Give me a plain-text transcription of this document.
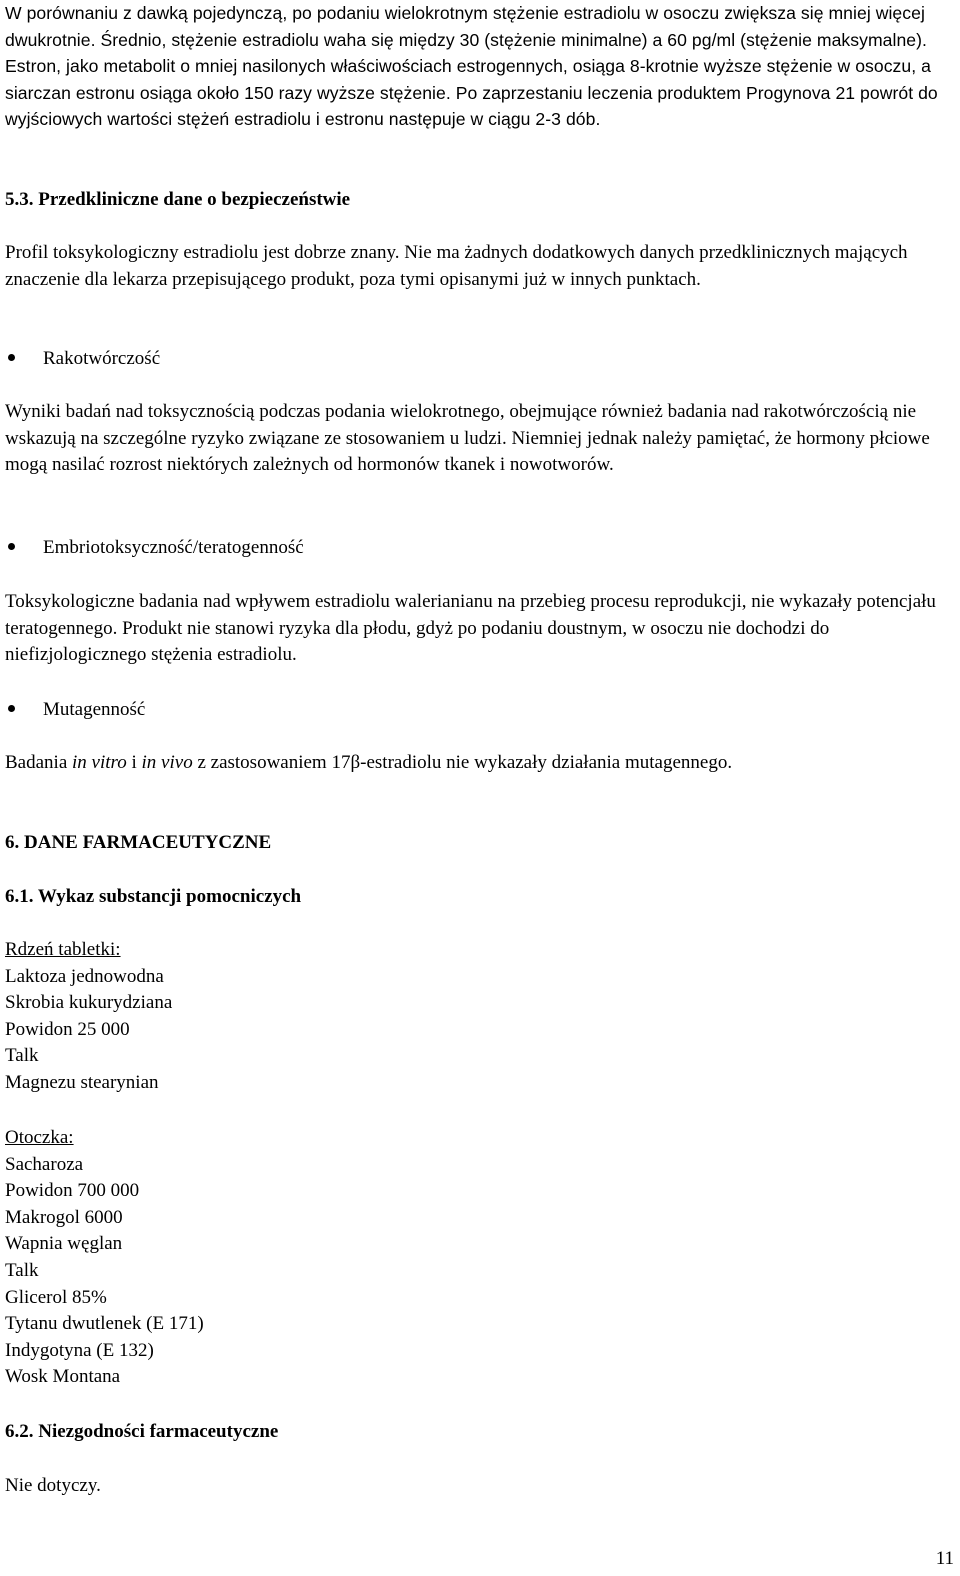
W porównaniu z dawką pojedynczą, po podaniu wielokrotnym stężenie estradiolu w osoczu zwiększa się mniej więcej dwukrotnie. Średnio, stężenie estradiolu waha się między 30 (stężenie minimalne) a 60 pg/ml (stężenie maksymalne). Estron, jako metabolit o mniej nasilonych właściwościach estrogennych, osiąga 8-krotnie wyższe stężenie w osoczu, a siarczan estronu osiąga około 150 razy wyższe stężenie. Po zaprzestaniu leczenia produktem Progynova 21 powrót do wyjściowych wartości stężeń estradiolu i estronu następuje w ciągu 2-3 dób.

5.3. Przedkliniczne dane o bezpieczeństwie

Profil toksykologiczny estradiolu jest dobrze znany. Nie ma żadnych dodatkowych danych przedklinicznych mających znaczenie dla lekarza przepisującego produkt, poza tymi opisanymi już w innych punktach.

Rakotwórczość

Wyniki badań nad toksycznością podczas podania wielokrotnego, obejmujące również badania nad rakotwórczością nie wskazują na szczególne ryzyko związane ze stosowaniem u ludzi. Niemniej jednak należy pamiętać, że hormony płciowe mogą nasilać rozrost niektórych zależnych od hormonów tkanek i nowotworów.

Embriotoksyczność/teratogenność

Toksykologiczne badania nad wpływem estradiolu walerianianu na przebieg procesu reprodukcji, nie wykazały potencjału teratogennego. Produkt nie stanowi ryzyka dla płodu, gdyż po podaniu doustnym, w osoczu nie dochodzi do niefizjologicznego stężenia estradiolu.

Mutagenność

Badania in vitro i in vivo z zastosowaniem 17β-estradiolu nie wykazały działania mutagennego.

6. DANE FARMACEUTYCZNE
6.1. Wykaz substancji pomocniczych
Rdzeń tabletki:
Laktoza jednowodna
Skrobia kukurydziana
Powidon 25 000
Talk
Magnezu stearynian
Otoczka:
Sacharoza
Powidon 700 000
Makrogol 6000
Wapnia węglan
Talk
Glicerol 85%
Tytanu dwutlenek (E 171)
Indygotyna (E 132)
Wosk Montana
6.2. Niezgodności farmaceutyczne

Nie dotyczy.

11
